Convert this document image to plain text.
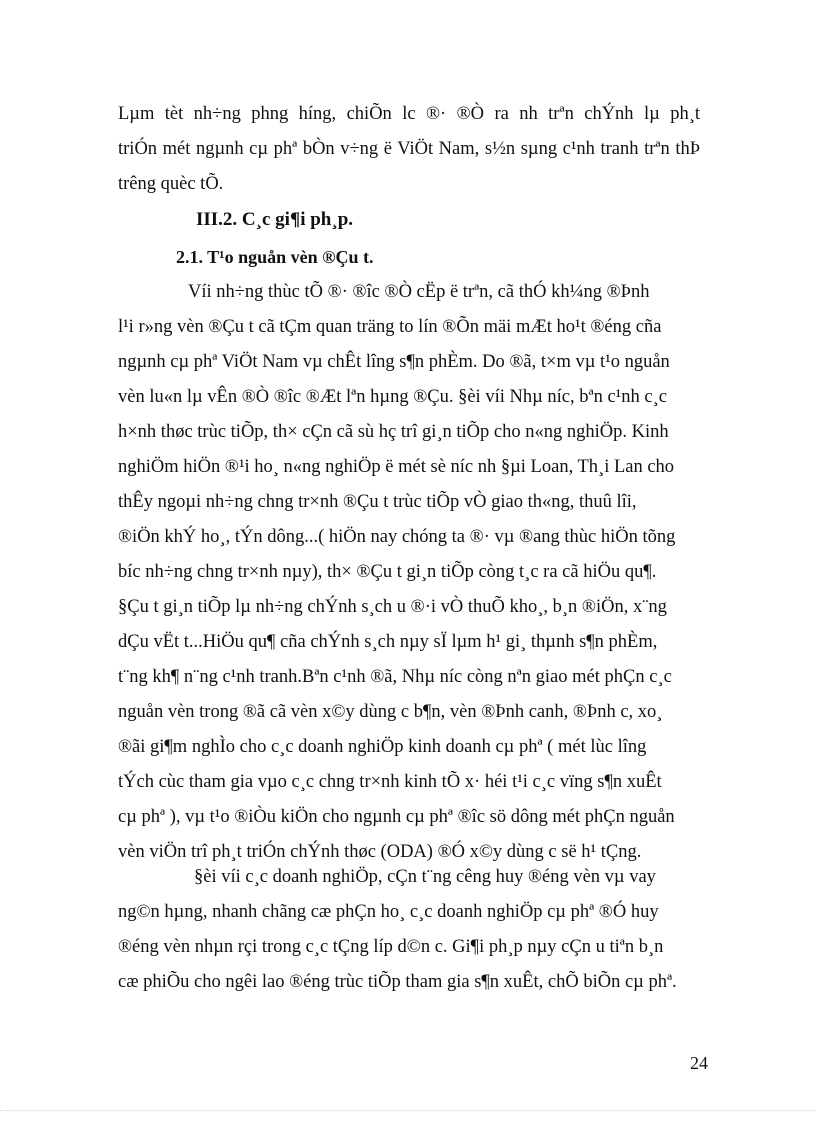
Lµm tèt nh÷ng phng híng, chiÕn lc ®· ®Ò ra nh trªn chÝnh lµ ph¸t
triÓn mét ngµnh cµ phª bÒn v÷ng ë ViÖt Nam, s½n sµng c¹nh tranh trªn thÞ
trêng quèc tÕ.
III.2. C¸c gi¶i ph¸p.
2.1. T¹o nguån vèn ®Çu t.
Víi nh÷ng thùc tÕ ®· ®îc ®Ò cËp ë trªn, cã thÓ kh¼ng ®Þnh
l¹i r»ng vèn ®Çu t cã tÇm quan träng to lín ®Õn mäi mÆt ho¹t ®éng cña
ngµnh cµ phª ViÖt Nam vµ chÊt lîng s¶n phÈm. Do ®ã, t×m vµ t¹o nguån
vèn lu«n lµ vÊn ®Ò ®îc ®Æt lªn hµng ®Çu. §èi víi Nhµ níc, bªn c¹nh c¸c
h×nh thøc trùc tiÕp, th× cÇn cã sù hç trî gi¸n tiÕp cho n«ng nghiÖp. Kinh
nghiÖm hiÖn ®¹i ho¸ n«ng nghiÖp ë mét sè níc nh §µi Loan, Th¸i Lan cho
thÊy ngoµi nh÷ng chng tr×nh ®Çu t trùc tiÕp vÒ giao th«ng, thuû lîi,
®iÖn khÝ ho¸, tÝn dông...( hiÖn nay chóng ta ®· vµ ®ang thùc hiÖn tõng
bíc nh÷ng chng tr×nh nµy), th× ®Çu t gi¸n tiÕp còng t¸c ra cã hiÖu qu¶.
§Çu t gi¸n tiÕp lµ nh÷ng chÝnh s¸ch u ®·i vÒ thuÕ kho¸, b¸n ®iÖn, x¨ng
dÇu vËt t...HiÖu qu¶ cña chÝnh s¸ch nµy sÏ lµm h¹ gi¸ thµnh s¶n phÈm,
t¨ng kh¶ n¨ng c¹nh tranh.Bªn c¹nh ®ã, Nhµ níc còng nªn giao mét phÇn c¸c
nguån vèn trong ®ã cã vèn x©y dùng c b¶n, vèn ®Þnh canh, ®Þnh c, xo¸
®ãi gi¶m nghÌo cho c¸c doanh nghiÖp kinh doanh cµ phª ( mét lùc lîng
tÝch cùc tham gia vµo c¸c chng tr×nh kinh tÕ x· héi t¹i c¸c vïng s¶n xuÊt
cµ phª ), vµ t¹o ®iÒu kiÖn cho ngµnh cµ phª ®îc sö dông mét phÇn nguån
vèn viÖn trî ph¸t triÓn chÝnh thøc (ODA) ®Ó x©y dùng c së h¹ tÇng.
§èi víi c¸c doanh nghiÖp, cÇn t¨ng cêng huy ®éng vèn vµ vay
ng©n hµng, nhanh chãng cæ phÇn ho¸ c¸c doanh nghiÖp cµ phª ®Ó huy
®éng vèn nhµn rçi trong c¸c tÇng líp d©n c. Gi¶i ph¸p nµy cÇn u tiªn b¸n
cæ phiÕu cho ngêi lao ®éng trùc tiÕp tham gia s¶n xuÊt, chÕ biÕn cµ phª.
24
